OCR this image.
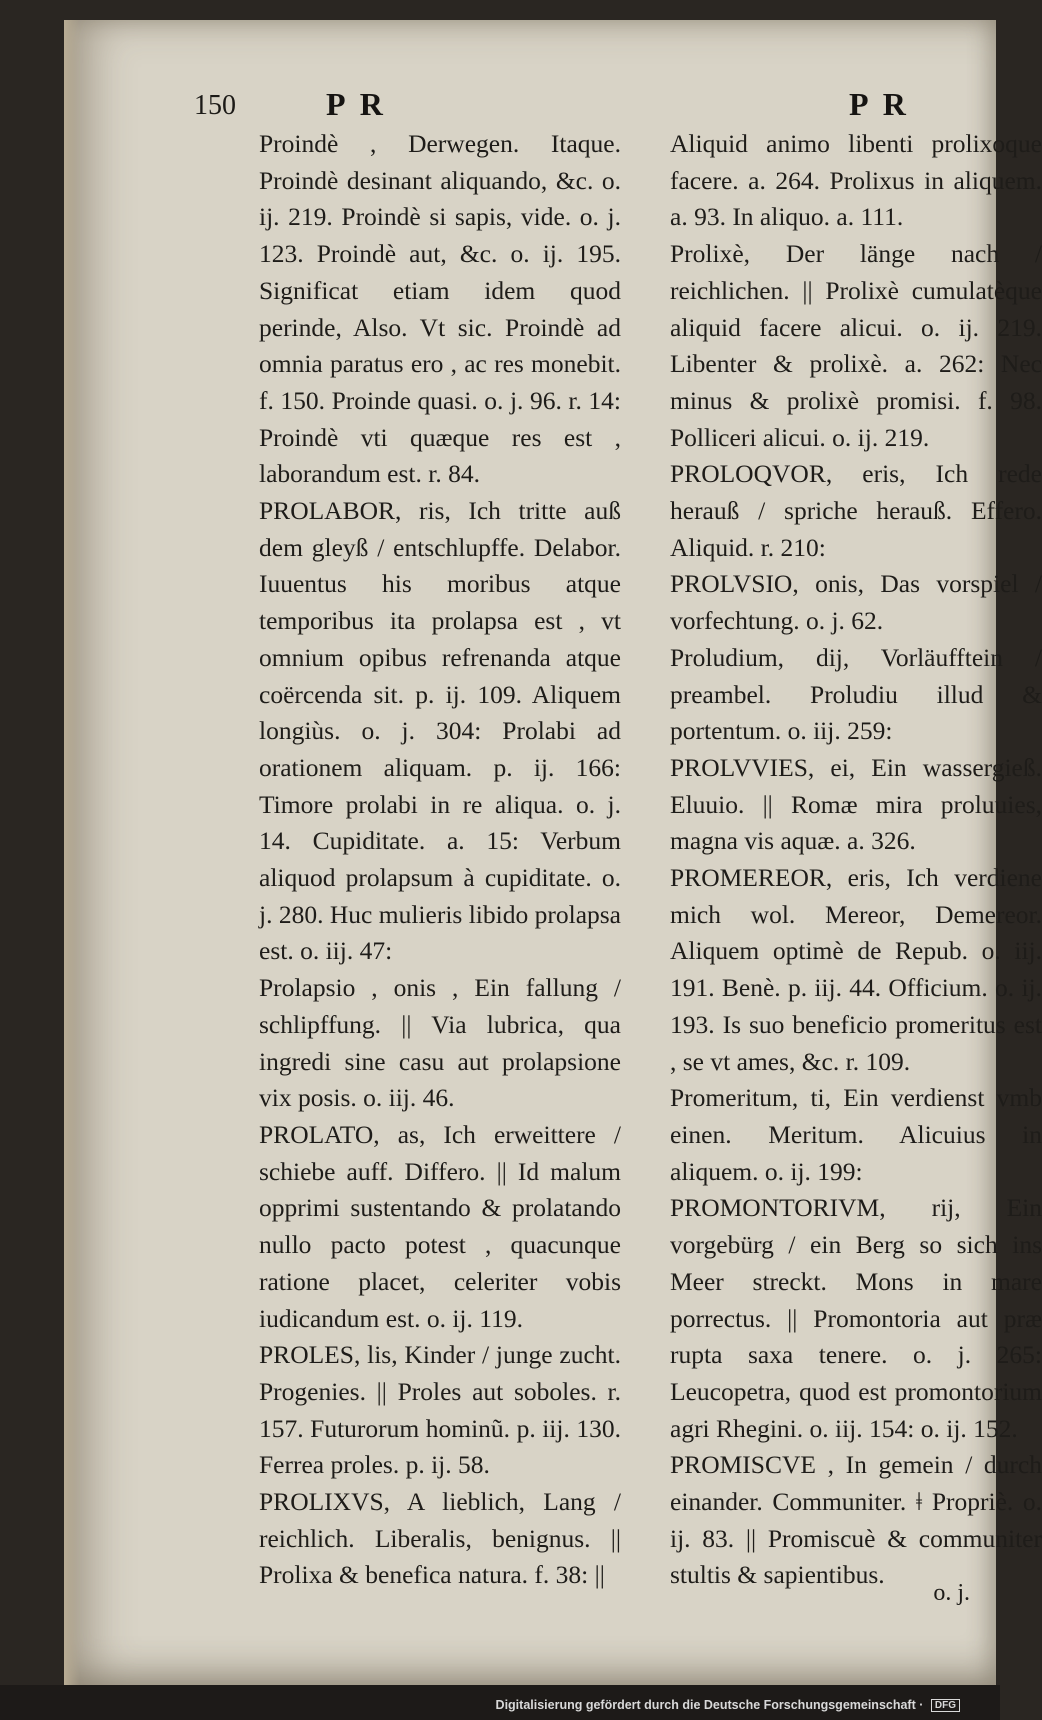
150	P R	P R

Proindè , Derwegen. Itaque. Proindè desinant aliquando, &c. o. ij. 219. Proindè si sapis, vide. o. j. 123. Proindè aut, &c. o. ij. 195. Significat etiam idem quod perinde, Also. Vt sic. Proindè ad omnia paratus ero , ac res monebit. f. 150. Proinde quasi. o. j. 96. r. 14: Proindè vti quæque res est , laborandum est. r. 84.

PROLABOR, ris, Ich tritte auß dem gleyß / entschlupffe. Delabor. Iuuentus his moribus atque temporibus ita prolapsa est , vt omnium opibus refrenanda atque coërcenda sit. p. ij. 109. Aliquem longiùs. o. j. 304: Prolabi ad orationem aliquam. p. ij. 166: Timore prolabi in re aliqua. o. j. 14. Cupiditate. a. 15: Verbum aliquod prolapsum à cupiditate. o. j. 280. Huc mulieris libido prolapsa est. o. iij. 47:

Prolapsio , onis , Ein fallung / schlipffung. || Via lubrica, qua ingredi sine casu aut prolapsione vix posis. o. iij. 46.

PROLATO, as, Ich erweittere / schiebe auff. Differo. || Id malum opprimi sustentando & prolatando nullo pacto potest , quacunque ratione placet, celeriter vobis iudicandum est. o. ij. 119.

PROLES, lis, Kinder / junge zucht. Progenies. || Proles aut soboles. r. 157. Futurorum hominũ. p. iij. 130. Ferrea proles. p. ij. 58.

PROLIXVS, A lieblich, Lang / reichlich. Liberalis, benignus. || Prolixa & benefica natura. f. 38: ||

Aliquid animo libenti prolixoque facere. a. 264. Prolixus in aliquem. a. 93. In aliquo. a. 111.

Prolixè, Der länge nach / reichlichen. || Prolixè cumulatèque aliquid facere alicui. o. ij. 219. Libenter & prolixè. a. 262: Nec minus & prolixè promisi. f. 98. Polliceri alicui. o. ij. 219.

PROLOQVOR, eris, Ich rede herauß / spriche herauß. Effero. Aliquid. r. 210:

PROLVSIO, onis, Das vorspiel / vorfechtung. o. j. 62.

Proludium, dij, Vorläufftein / preambel. Proludiu illud & portentum. o. iij. 259:

PROLVVIES, ei, Ein wassergieß. Eluuio. || Romæ mira proluuies, magna vis aquæ. a. 326.

PROMEREOR, eris, Ich verdiene mich wol. Mereor, Demereor. Aliquem optimè de Repub. o. iij. 191. Benè. p. iij. 44. Officium. o. ij. 193. Is suo beneficio promeritus est , se vt ames, &c. r. 109.

Promeritum, ti, Ein verdienst vmb einen. Meritum. Alicuius in aliquem. o. ij. 199:

PROMONTORIVM, rij, Ein vorgebürg / ein Berg so sich ins Meer streckt. Mons in mare porrectus. || Promontoria aut præ rupta saxa tenere. o. j. 265: Leucopetra, quod est promontorium agri Rhegini. o. iij. 154: o. ij. 152.

PROMISCVE , In gemein / durch einander. Communiter. ǂ Propriè. o. ij. 83. || Promiscuè & communiter stultis & sapientibus.

o. j.
Digitalisierung gefördert durch die Deutsche Forschungsgemeinschaft · DFG
